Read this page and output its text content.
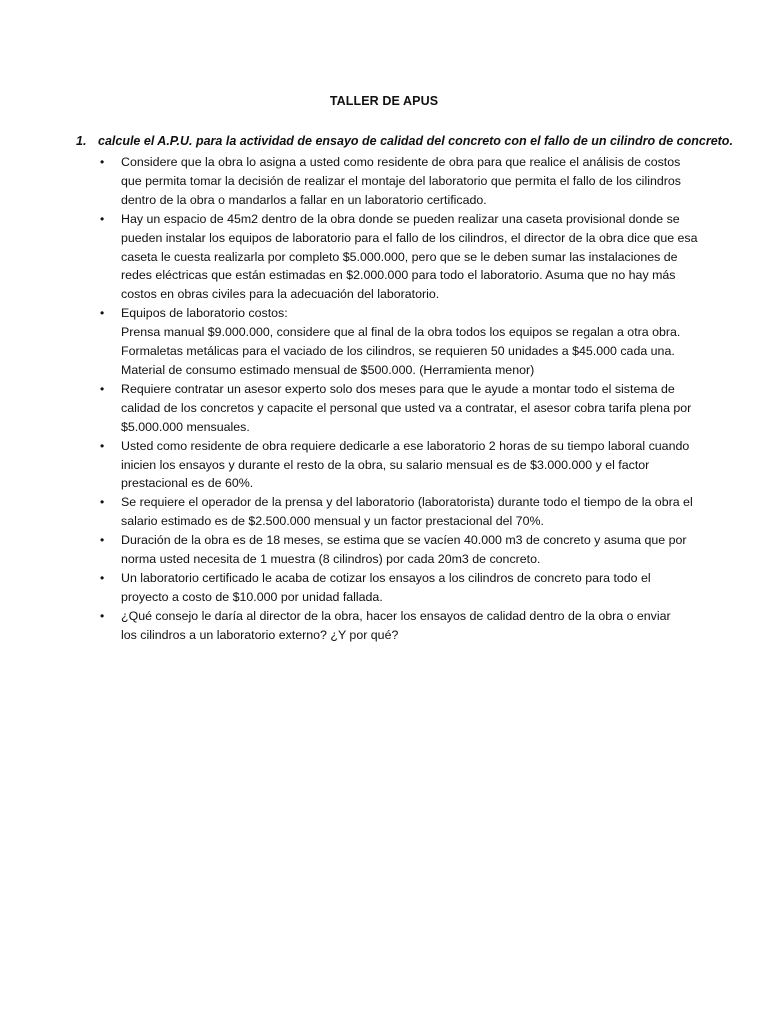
TALLER DE APUS
1. calcule el A.P.U. para la actividad de ensayo de calidad del concreto con el fallo de un cilindro de concreto.
• Considere que la obra lo asigna a usted como residente de obra para que realice el análisis de costos
que permita tomar la decisión de realizar el montaje del laboratorio que permita el fallo de los cilindros
dentro de la obra o mandarlos a fallar en un laboratorio certificado.
• Hay un espacio de 45m2 dentro de la obra donde se pueden realizar una caseta provisional donde se
pueden instalar los equipos de laboratorio para el fallo de los cilindros, el director de la obra dice que esa
caseta le cuesta realizarla por completo $5.000.000, pero que se le deben sumar las instalaciones de
redes eléctricas que están estimadas en $2.000.000 para todo el laboratorio. Asuma que no hay más
costos en obras civiles para la adecuación del laboratorio.
• Equipos de laboratorio costos:
Prensa manual $9.000.000, considere que al final de la obra todos los equipos se regalan a otra obra.
Formaletas metálicas para el vaciado de los cilindros, se requieren 50 unidades a $45.000 cada una.
Material de consumo estimado mensual de $500.000. (Herramienta menor)
• Requiere contratar un asesor experto solo dos meses para que le ayude a montar todo el sistema de
calidad de los concretos y capacite el personal que usted va a contratar, el asesor cobra tarifa plena por
$5.000.000 mensuales.
• Usted como residente de obra requiere dedicarle a ese laboratorio 2 horas de su tiempo laboral cuando
inicien los ensayos y durante el resto de la obra, su salario mensual es de $3.000.000 y el factor
prestacional es de 60%.
• Se requiere el operador de la prensa y del laboratorio (laboratorista) durante todo el tiempo de la obra el
salario estimado es de $2.500.000 mensual y un factor prestacional del 70%.
• Duración de la obra es de 18 meses, se estima que se vacíen 40.000 m3 de concreto y asuma que por
norma usted necesita de 1 muestra (8 cilindros) por cada 20m3 de concreto.
• Un laboratorio certificado le acaba de cotizar los ensayos a los cilindros de concreto para todo el
proyecto a costo de $10.000 por unidad fallada.
• ¿Qué consejo le daría al director de la obra, hacer los ensayos de calidad dentro de la obra o enviar
los cilindros a un laboratorio externo? ¿Y por qué?
